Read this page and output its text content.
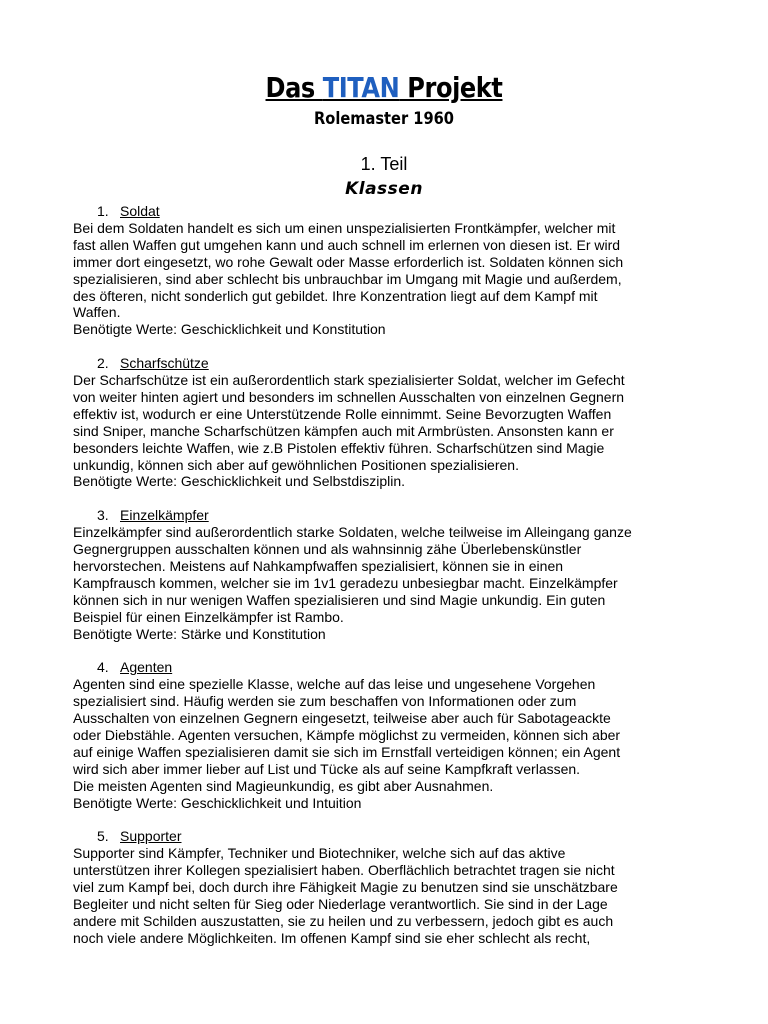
Das TITAN Projekt
Rolemaster 1960
1. Teil
Klassen
1. Soldat
Bei dem Soldaten handelt es sich um einen unspezialisierten Frontkämpfer, welcher mit
fast allen Waffen gut umgehen kann und auch schnell im erlernen von diesen ist. Er wird
immer dort eingesetzt, wo rohe Gewalt oder Masse erforderlich ist. Soldaten können sich
spezialisieren, sind aber schlecht bis unbrauchbar im Umgang mit Magie und außerdem,
des öfteren, nicht sonderlich gut gebildet. Ihre Konzentration liegt auf dem Kampf mit
Waffen.
Benötigte Werte: Geschicklichkeit und Konstitution
2. Scharfschütze
Der Scharfschütze ist ein außerordentlich stark spezialisierter Soldat, welcher im Gefecht
von weiter hinten agiert und besonders im schnellen Ausschalten von einzelnen Gegnern
effektiv ist, wodurch er eine Unterstützende Rolle einnimmt. Seine Bevorzugten Waffen
sind Sniper, manche Scharfschützen kämpfen auch mit Armbrüsten. Ansonsten kann er
besonders leichte Waffen, wie z.B Pistolen effektiv führen. Scharfschützen sind Magie
unkundig, können sich aber auf gewöhnlichen Positionen spezialisieren.
Benötigte Werte: Geschicklichkeit und Selbstdisziplin.
3. Einzelkämpfer
Einzelkämpfer sind außerordentlich starke Soldaten, welche teilweise im Alleingang ganze
Gegnergruppen ausschalten können und als wahnsinnig zähe Überlebenskünstler
hervorstechen. Meistens auf Nahkampfwaffen spezialisiert, können sie in einen
Kampfrausch kommen, welcher sie im 1v1 geradezu unbesiegbar macht. Einzelkämpfer
können sich in nur wenigen Waffen spezialisieren und sind Magie unkundig. Ein guten
Beispiel für einen Einzelkämpfer ist Rambo.
Benötigte Werte: Stärke und Konstitution
4. Agenten
Agenten sind eine spezielle Klasse, welche auf das leise und ungesehene Vorgehen
spezialisiert sind. Häufig werden sie zum beschaffen von Informationen oder zum
Ausschalten von einzelnen Gegnern eingesetzt, teilweise aber auch für Sabotageackte
oder Diebstähle. Agenten versuchen, Kämpfe möglichst zu vermeiden, können sich aber
auf einige Waffen spezialisieren damit sie sich im Ernstfall verteidigen können; ein Agent
wird sich aber immer lieber auf List und Tücke als auf seine Kampfkraft verlassen.
Die meisten Agenten sind Magieunkundig, es gibt aber Ausnahmen.
Benötigte Werte: Geschicklichkeit und Intuition
5. Supporter
Supporter sind Kämpfer, Techniker und Biotechniker, welche sich auf das aktive
unterstützen ihrer Kollegen spezialisiert haben. Oberflächlich betrachtet tragen sie nicht
viel zum Kampf bei, doch durch ihre Fähigkeit Magie zu benutzen sind sie unschätzbare
Begleiter und nicht selten für Sieg oder Niederlage verantwortlich. Sie sind in der Lage
andere mit Schilden auszustatten, sie zu heilen und zu verbessern, jedoch gibt es auch
noch viele andere Möglichkeiten. Im offenen Kampf sind sie eher schlecht als recht,
